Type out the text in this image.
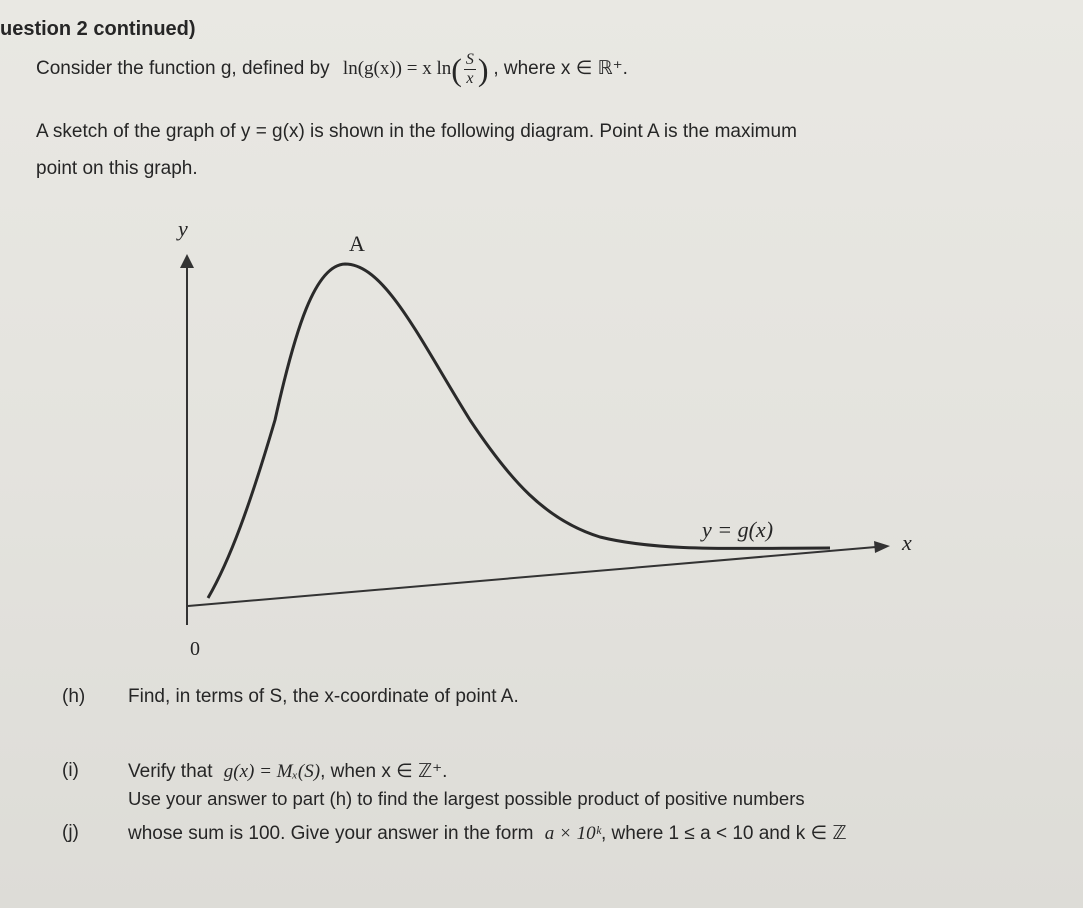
uestion 2 continued)
Consider the function g, defined by ln(g(x)) = x $\ln( \frac{S}{x}$ ) , where x ∈ ℝ⁺.
A sketch of the graph of y = g(x) is shown in the following diagram. Point A is the maximum
point on this graph.
y
A
y = g(x)
x
0
(h) Find, in terms of S, the x-coordinate of point A.
(i)	Verify that g(x) = Mₓ(S), when x ∈ ℤ⁺.
(j)
Use your answer to part (h) to find the largest possible product of positive numbers
whose sum is 100. Give your answer in the form a × 10ᵏ, where 1 ≤ a < 10 and k ∈ ℤ
